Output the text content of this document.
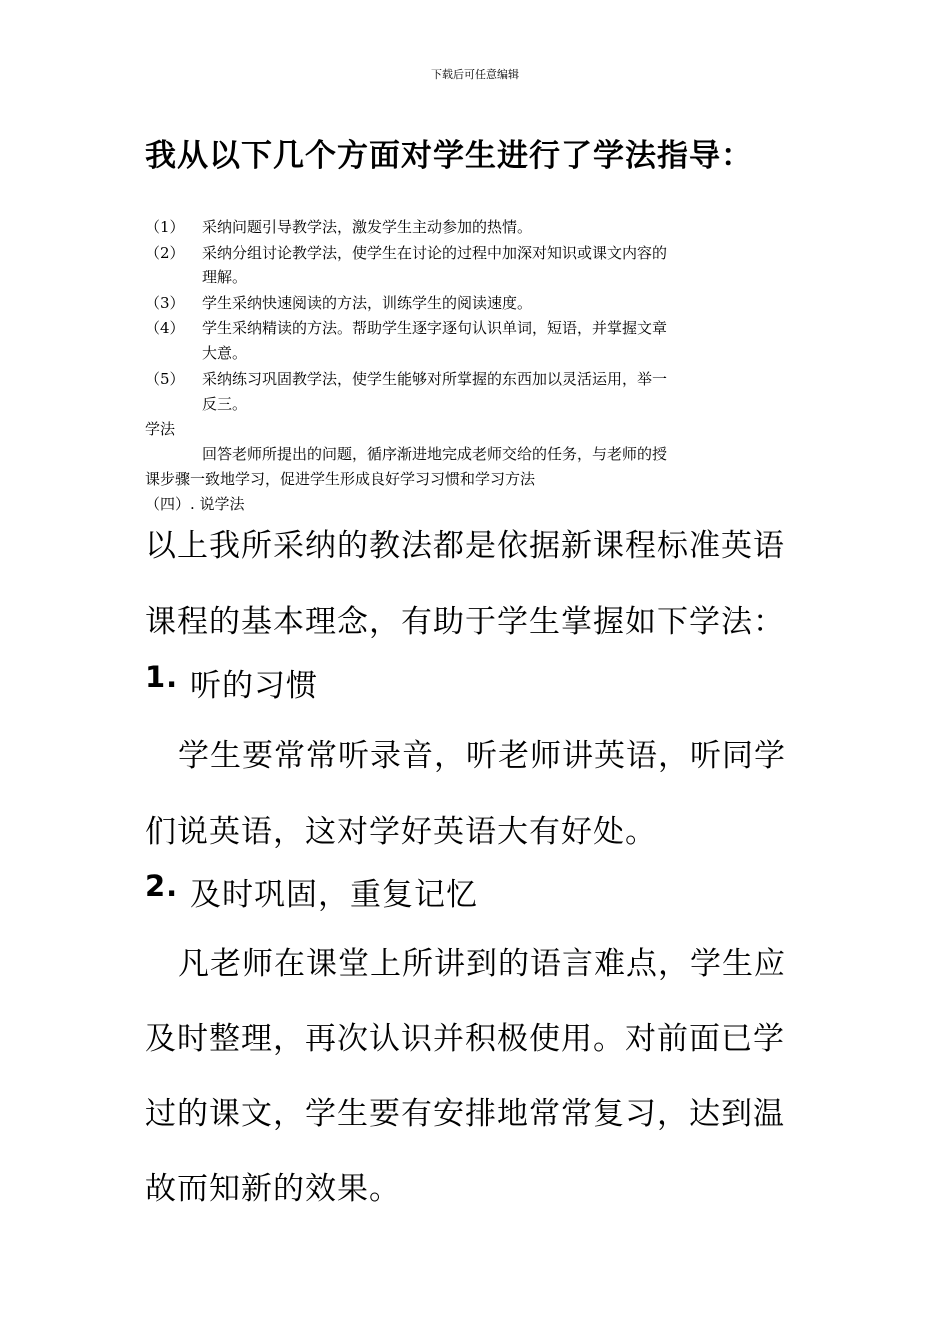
下载后可任意编辑
我从以下几个方面对学生进行了学法指导：
（1） 采纳问题引导教学法，激发学生主动参加的热情。
（2） 采纳分组讨论教学法，使学生在讨论的过程中加深对知识或课文内容的
理解。
（3） 学生采纳快速阅读的方法，训练学生的阅读速度。
（4） 学生采纳精读的方法。帮助学生逐字逐句认识单词，短语，并掌握文章
大意。
（5） 采纳练习巩固教学法，使学生能够对所掌握的东西加以灵活运用，举一
反三。
学法
回答老师所提出的问题，循序渐进地完成老师交给的任务，与老师的授
课步骤一致地学习，促进学生形成良好学习习惯和学习方法
（四）. 说学法
以上我所采纳的教法都是依据新课程标准英语
课程的基本理念，有助于学生掌握如下学法：
1. 听的习惯
学生要常常听录音，听老师讲英语，听同学
们说英语，这对学好英语大有好处。
2. 及时巩固，重复记忆
凡老师在课堂上所讲到的语言难点，学生应
及时整理，再次认识并积极使用。对前面已学
过的课文，学生要有安排地常常复习，达到温
故而知新的效果。
